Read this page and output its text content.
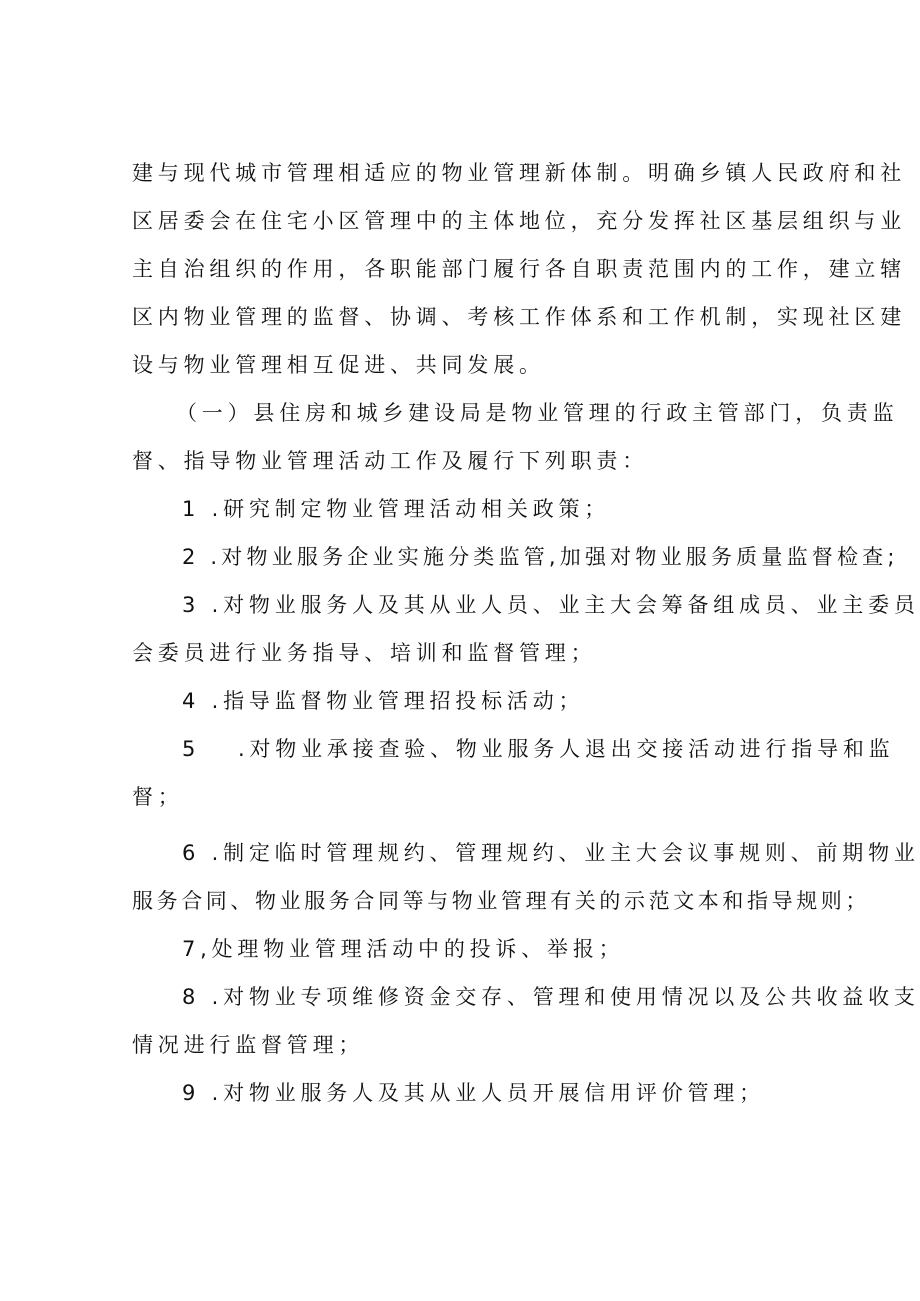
建与现代城市管理相适应的物业管理新体制。明确乡镇人民政府和社
区居委会在住宅小区管理中的主体地位，充分发挥社区基层组织与业
主自治组织的作用，各职能部门履行各自职责范围内的工作，建立辖
区内物业管理的监督、协调、考核工作体系和工作机制，实现社区建
设与物业管理相互促进、共同发展。
（一）县住房和城乡建设局是物业管理的行政主管部门，负责监
督、指导物业管理活动工作及履行下列职责：
1 .研究制定物业管理活动相关政策；
2 .对物业服务企业实施分类监管,加强对物业服务质量监督检查;
3 .对物业服务人及其从业人员、业主大会筹备组成员、业主委员
会委员进行业务指导、培训和监督管理；
4 .指导监督物业管理招投标活动；
5 .对物业承接查验、物业服务人退出交接活动进行指导和监
督；
6 .制定临时管理规约、管理规约、业主大会议事规则、前期物业
服务合同、物业服务合同等与物业管理有关的示范文本和指导规则；
7,处理物业管理活动中的投诉、举报；
8 .对物业专项维修资金交存、管理和使用情况以及公共收益收支
情况进行监督管理；
9 .对物业服务人及其从业人员开展信用评价管理；
